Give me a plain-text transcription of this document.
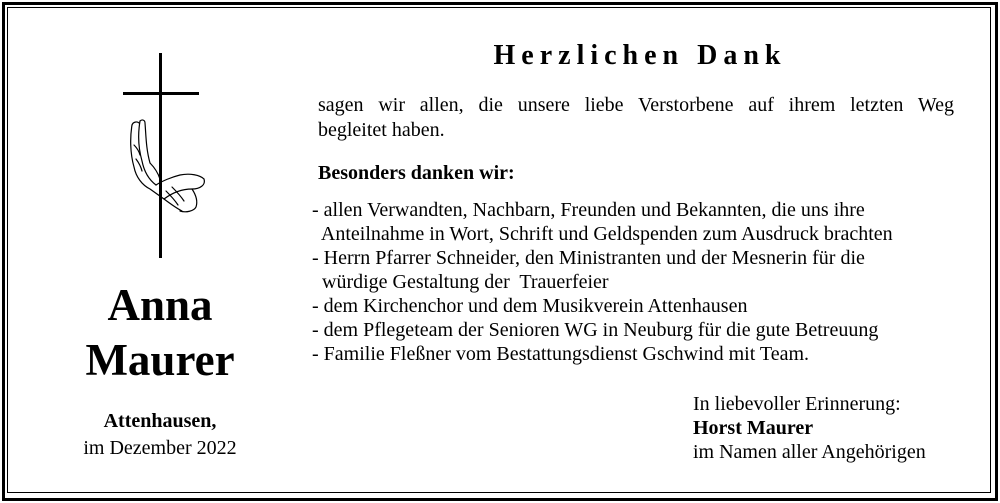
Anna
Maurer
Attenhausen,
im Dezember 2022
Herzlichen Dank
sagen wir allen, die unsere liebe Verstorbene auf ihrem letzten Weg
begleitet haben.
Besonders danken wir:
- allen Verwandten, Nachbarn, Freunden und Bekannten, die uns ihre
Anteilnahme in Wort, Schrift und Geldspenden zum Ausdruck brachten
- Herrn Pfarrer Schneider, den Ministranten und der Mesnerin für die
würdige Gestaltung der  Trauerfeier
- dem Kirchenchor und dem Musikverein Attenhausen
- dem Pflegeteam der Senioren WG in Neuburg für die gute Betreuung
- Familie Fleßner vom Bestattungsdienst Gschwind mit Team.
In liebevoller Erinnerung:
Horst Maurer
im Namen aller Angehörigen
